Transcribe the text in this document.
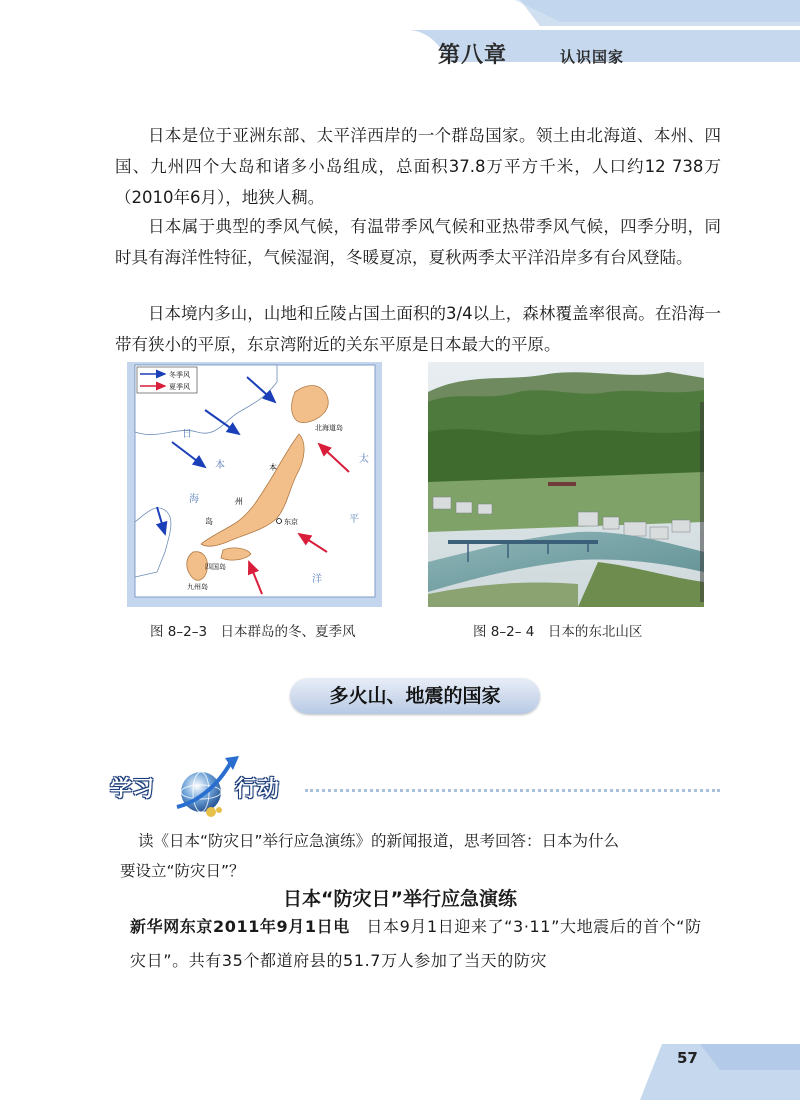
第八章	认识国家

日本是位于亚洲东部、太平洋西岸的一个群岛国家。领土由北海道、本州、四国、九州四个大岛和诸多小岛组成，总面积37.8万平方千米，人口约12 738万（2010年6月），地狭人稠。

日本属于典型的季风气候，有温带季风气候和亚热带季风气候，四季分明，同时具有海洋性特征，气候湿润，冬暖夏凉，夏秋两季太平洋沿岸多有台风登陆。

日本境内多山，山地和丘陵占国土面积的3/4以上，森林覆盖率很高。在沿海一带有狭小的平原，东京湾附近的关东平原是日本最大的平原。

冬季风
夏季风
北海道岛
本
州
岛	东京
四国岛
九州岛
日
本
海
太
平
洋
图 8–2–3　日本群岛的冬、夏季风	图 8–2– 4　日本的东北山区
多火山、地震的国家
学习	行动

读《日本“防灾日”举行应急演练》的新闻报道，思考回答：日本为什么
要设立“防灾日”？

日本“防灾日”举行应急演练

新华网东京2011年9月1日电　日本9月1日迎来了“3·11”大地震后的首个“防灾日”。共有35个都道府县的51.7万人参加了当天的防灾

57
